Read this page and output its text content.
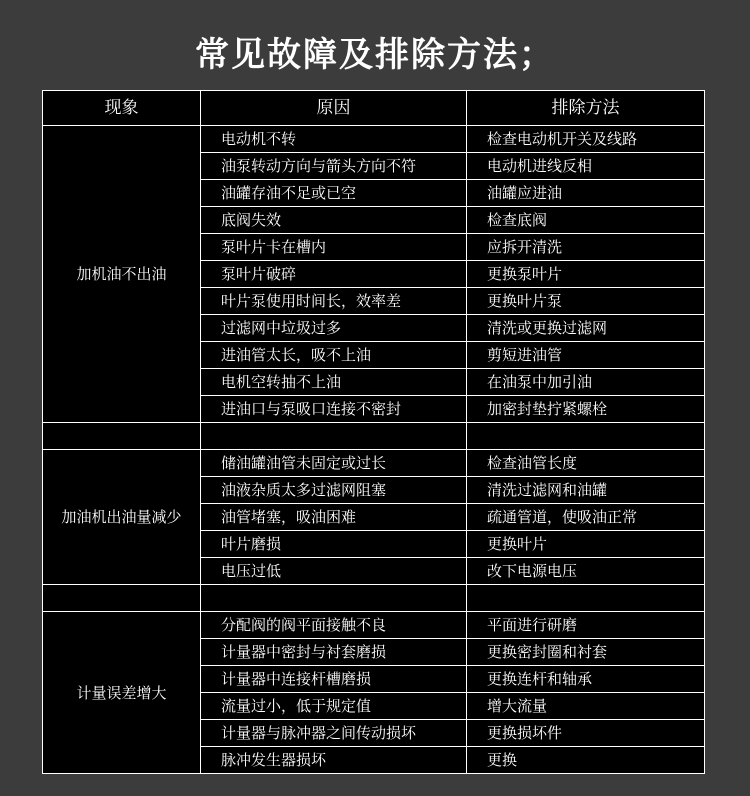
常见故障及排除方法；
现象	原因	排除方法
加机油不出油	电动机不转	检查电动机开关及线路
	油泵转动方向与箭头方向不符	电动机进线反相
	油罐存油不足或已空	油罐应进油
	底阀失效	检查底阀
	泵叶片卡在槽内	应拆开清洗
	泵叶片破碎	更换泵叶片
	叶片泵使用时间长，效率差	更换叶片泵
	过滤网中垃圾过多	清洗或更换过滤网
	进油管太长，吸不上油	剪短进油管
	电机空转抽不上油	在油泵中加引油
	进油口与泵吸口连接不密封	加密封垫拧紧螺栓

加油机出油量减少	储油罐油管未固定或过长	检查油管长度
	油液杂质太多过滤网阻塞	清洗过滤网和油罐
	油管堵塞，吸油困难	疏通管道，使吸油正常
	叶片磨损	更换叶片
	电压过低	改下电源电压

计量误差增大	分配阀的阀平面接触不良	平面进行研磨
	计量器中密封与衬套磨损	更换密封圈和衬套
	计量器中连接杆槽磨损	更换连杆和轴承
	流量过小，低于规定值	增大流量
	计量器与脉冲器之间传动损坏	更换损坏件
	脉冲发生器损坏	更换
